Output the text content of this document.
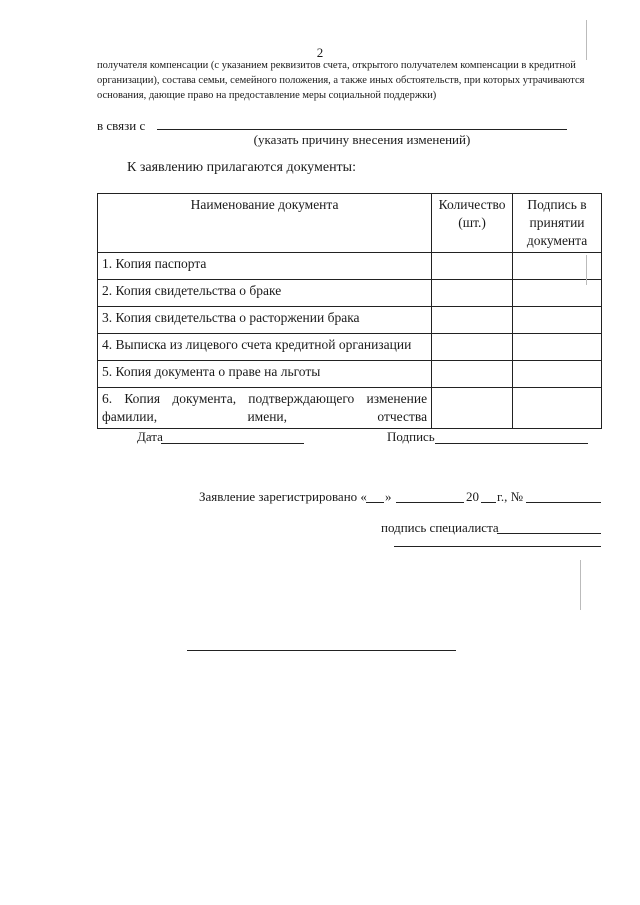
2
получателя компенсации (с указанием реквизитов счета, открытого получателем компенсации в кредитной
организации), состава семьи, семейного положения, а также иных обстоятельств, при которых утрачиваются
основания, дающие право на предоставление меры социальной поддержки)
в связи с
(указать причину внесения изменений)
К заявлению прилагаются документы:
Наименование документа	Количество (шт.)	Подпись в принятии документа
1. Копия паспорта		
2. Копия свидетельства о браке		
3. Копия свидетельства о расторжении брака		
4. Выписка из лицевого счета кредитной организации		
5. Копия документа о праве на льготы		
6. Копия документа, подтверждающего изменение фамилии, имени, отчества		
Дата	Подпись
Заявление зарегистрировано « »	20 г., №
подпись специалиста
